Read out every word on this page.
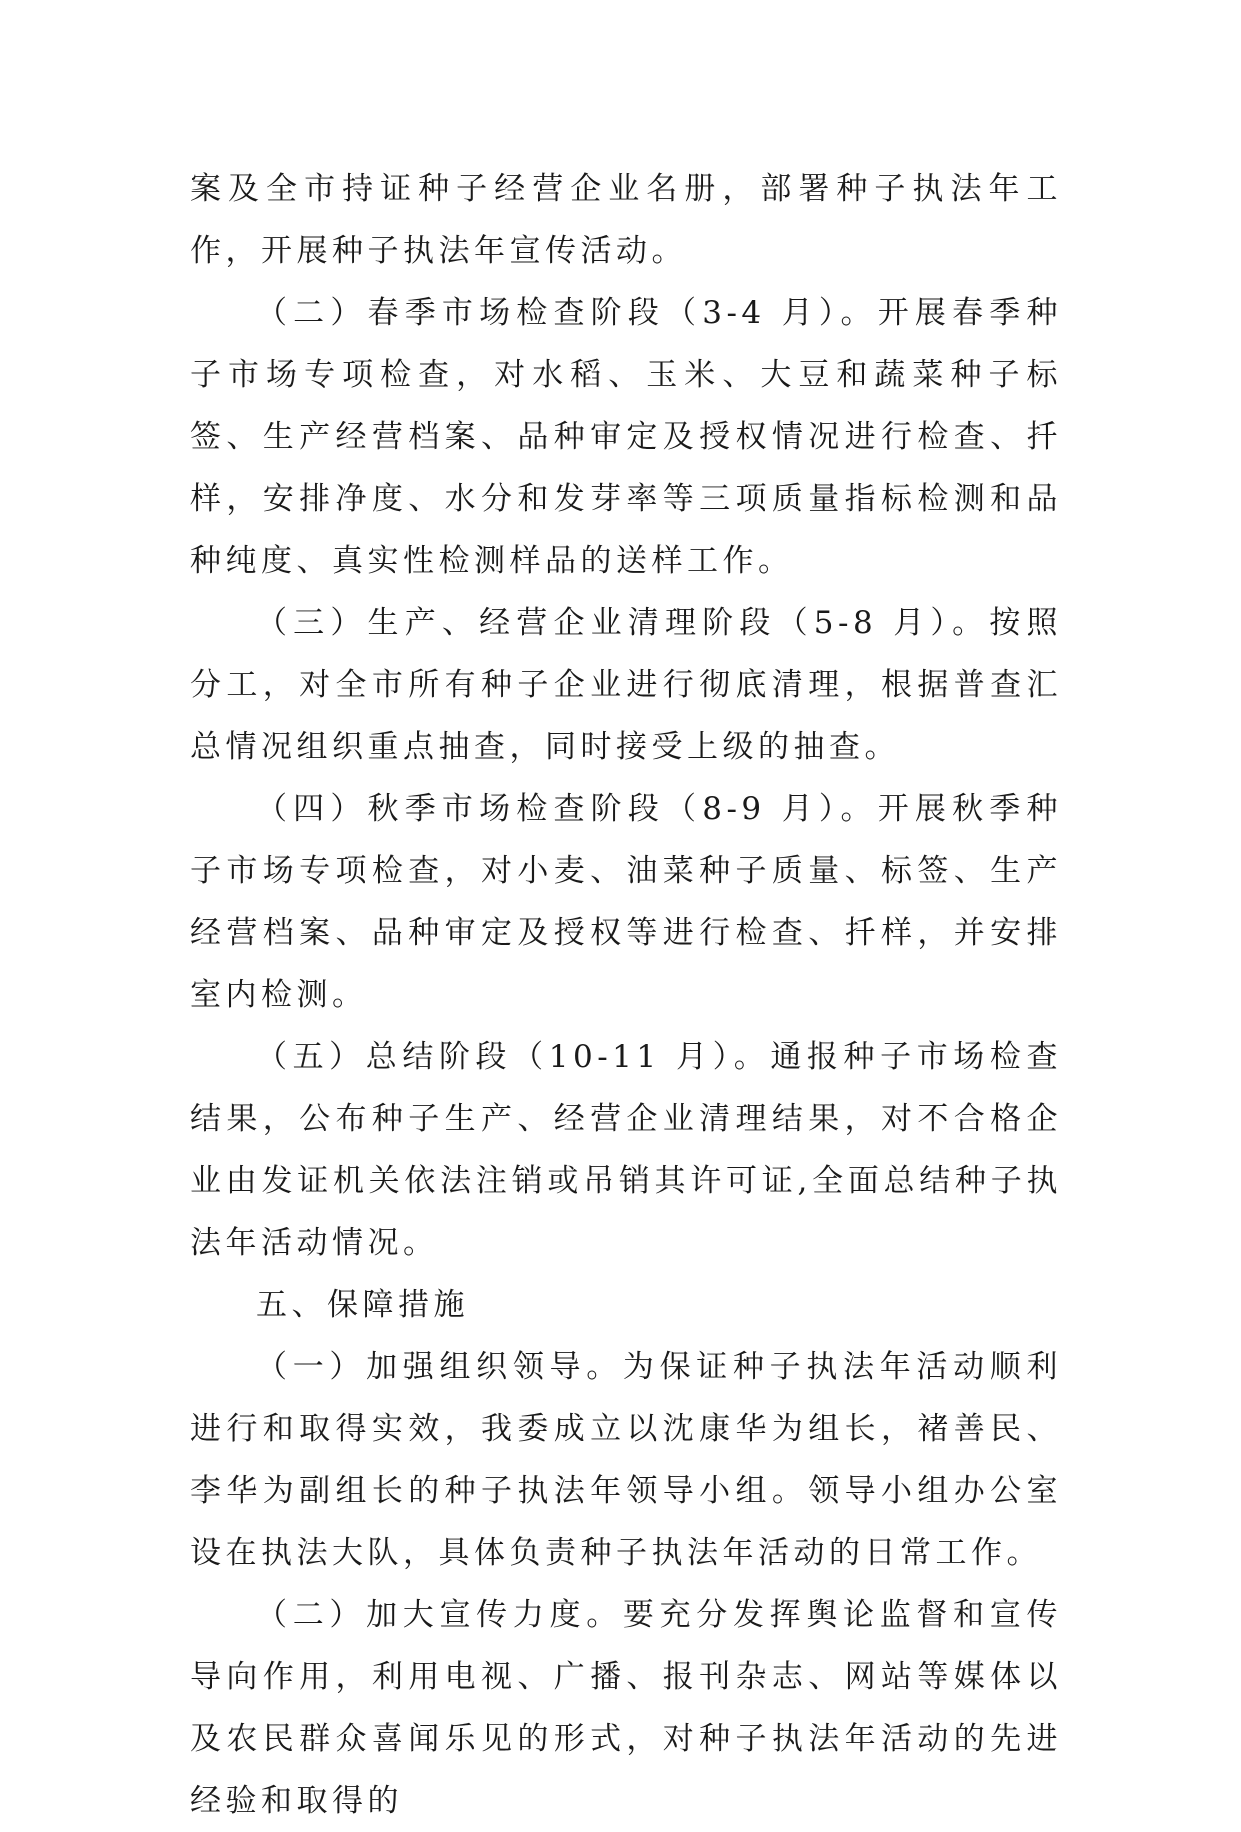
案及全市持证种子经营企业名册，部署种子执法年工作，开展种子执法年宣传活动。

（二）春季市场检查阶段（3-4 月）。开展春季种子市场专项检查，对水稻、玉米、大豆和蔬菜种子标签、生产经营档案、品种审定及授权情况进行检查、扦样，安排净度、水分和发芽率等三项质量指标检测和品种纯度、真实性检测样品的送样工作。

（三）生产、经营企业清理阶段（5-8 月）。按照分工，对全市所有种子企业进行彻底清理，根据普查汇总情况组织重点抽查，同时接受上级的抽查。

（四）秋季市场检查阶段（8-9 月）。开展秋季种子市场专项检查，对小麦、油菜种子质量、标签、生产经营档案、品种审定及授权等进行检查、扦样，并安排室内检测。

（五）总结阶段（10-11 月）。通报种子市场检查结果，公布种子生产、经营企业清理结果，对不合格企业由发证机关依法注销或吊销其许可证,全面总结种子执法年活动情况。

五、保障措施

（一）加强组织领导。为保证种子执法年活动顺利进行和取得实效，我委成立以沈康华为组长，褚善民、李华为副组长的种子执法年领导小组。领导小组办公室设在执法大队，具体负责种子执法年活动的日常工作。

（二）加大宣传力度。要充分发挥舆论监督和宣传导向作用，利用电视、广播、报刊杂志、网站等媒体以及农民群众喜闻乐见的形式，对种子执法年活动的先进经验和取得的
